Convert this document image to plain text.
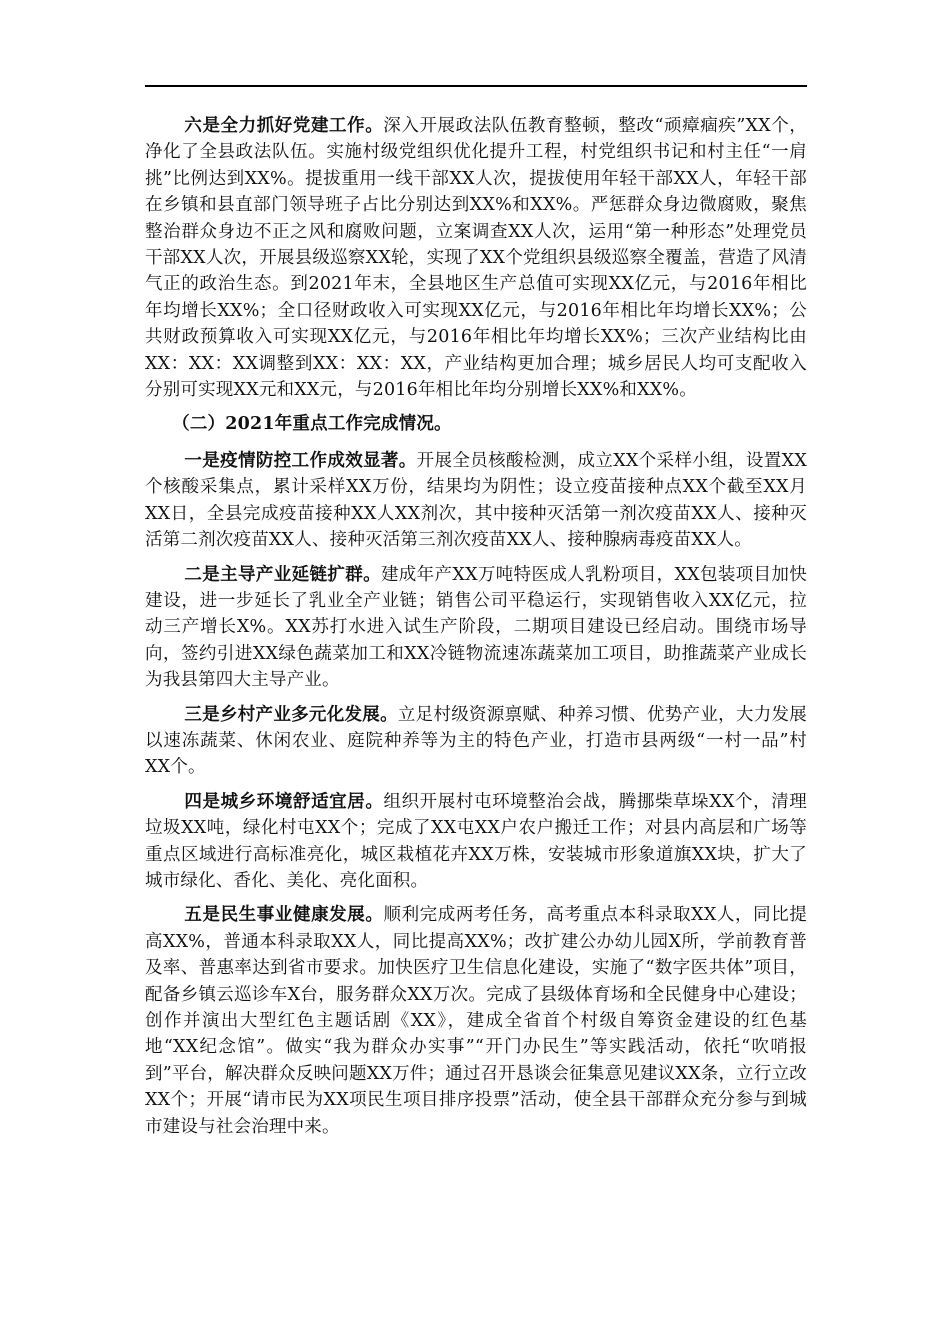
六是全力抓好党建工作。深入开展政法队伍教育整顿，整改“顽瘴痼疾”XX个，净化了全县政法队伍。实施村级党组织优化提升工程，村党组织书记和村主任“一肩挑”比例达到XX%。提拔重用一线干部XX人次，提拔使用年轻干部XX人，年轻干部在乡镇和县直部门领导班子占比分别达到XX%和XX%。严惩群众身边微腐败，聚焦整治群众身边不正之风和腐败问题，立案调查XX人次，运用“第一种形态”处理党员干部XX人次，开展县级巡察XX轮，实现了XX个党组织县级巡察全覆盖，营造了风清气正的政治生态。到2021年末，全县地区生产总值可实现XX亿元，与2016年相比年均增长XX%；全口径财政收入可实现XX亿元，与2016年相比年均增长XX%；公共财政预算收入可实现XX亿元，与2016年相比年均增长XX%；三次产业结构比由XX：XX：XX调整到XX：XX：XX，产业结构更加合理；城乡居民人均可支配收入分别可实现XX元和XX元，与2016年相比年均分别增长XX%和XX%。

（二）2021年重点工作完成情况。

一是疫情防控工作成效显著。开展全员核酸检测，成立XX个采样小组，设置XX个核酸采集点，累计采样XX万份，结果均为阴性；设立疫苗接种点XX个截至XX月XX日，全县完成疫苗接种XX人XX剂次，其中接种灭活第一剂次疫苗XX人、接种灭活第二剂次疫苗XX人、接种灭活第三剂次疫苗XX人、接种腺病毒疫苗XX人。

二是主导产业延链扩群。建成年产XX万吨特医成人乳粉项目，XX包装项目加快建设，进一步延长了乳业全产业链；销售公司平稳运行，实现销售收入XX亿元，拉动三产增长X%。XX苏打水进入试生产阶段，二期项目建设已经启动。围绕市场导向，签约引进XX绿色蔬菜加工和XX冷链物流速冻蔬菜加工项目，助推蔬菜产业成长为我县第四大主导产业。

三是乡村产业多元化发展。立足村级资源禀赋、种养习惯、优势产业，大力发展以速冻蔬菜、休闲农业、庭院种养等为主的特色产业，打造市县两级“一村一品”村XX个。

四是城乡环境舒适宜居。组织开展村屯环境整治会战，腾挪柴草垛XX个，清理垃圾XX吨，绿化村屯XX个；完成了XX屯XX户农户搬迁工作；对县内高层和广场等重点区域进行高标准亮化，城区栽植花卉XX万株，安装城市形象道旗XX块，扩大了城市绿化、香化、美化、亮化面积。

五是民生事业健康发展。顺利完成两考任务，高考重点本科录取XX人，同比提高XX%，普通本科录取XX人，同比提高XX%；改扩建公办幼儿园X所，学前教育普及率、普惠率达到省市要求。加快医疗卫生信息化建设，实施了“数字医共体”项目，配备乡镇云巡诊车X台，服务群众XX万次。完成了县级体育场和全民健身中心建设；创作并演出大型红色主题话剧《XX》，建成全省首个村级自筹资金建设的红色基地“XX纪念馆”。做实“我为群众办实事”“开门办民生”等实践活动，依托“吹哨报到”平台，解决群众反映问题XX万件；通过召开恳谈会征集意见建议XX条，立行立改XX个；开展“请市民为XX项民生项目排序投票”活动，使全县干部群众充分参与到城市建设与社会治理中来。
